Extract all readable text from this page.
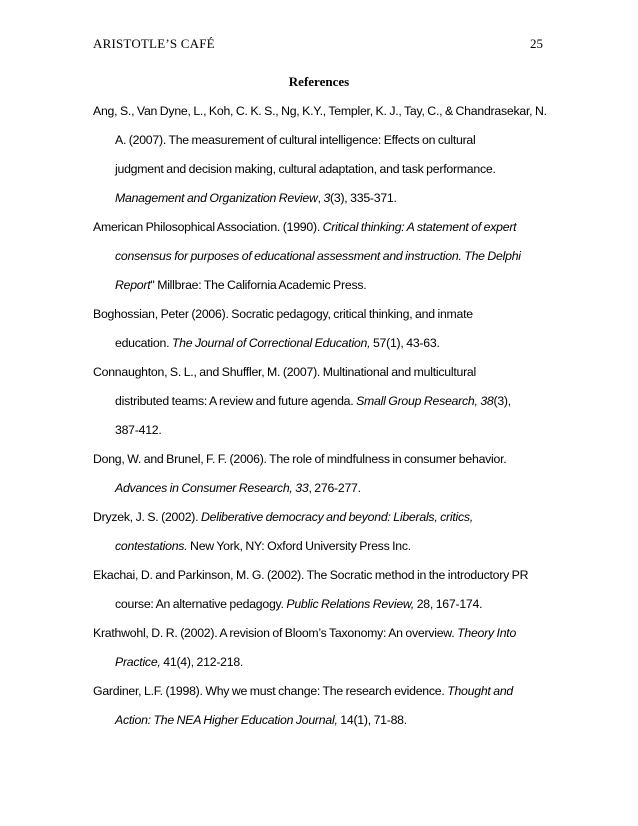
ARISTOTLE’S CAFÉ	25
References
Ang, S., Van Dyne, L., Koh, C. K. S., Ng, K.Y., Templer, K. J., Tay, C., & Chandrasekar, N.
A. (2007). The measurement of cultural intelligence: Effects on cultural
judgment and decision making, cultural adaptation, and task performance.
Management and Organization Review, 3(3), 335-371.
American Philosophical Association. (1990). Critical thinking: A statement of expert
consensus for purposes of educational assessment and instruction. The Delphi
Report" Millbrae: The California Academic Press.
Boghossian, Peter (2006). Socratic pedagogy, critical thinking, and inmate
education. The Journal of Correctional Education, 57(1), 43-63.
Connaughton, S. L., and Shuffler, M. (2007). Multinational and multicultural
distributed teams: A review and future agenda. Small Group Research, 38(3),
387-412.
Dong, W. and Brunel, F. F. (2006). The role of mindfulness in consumer behavior.
Advances in Consumer Research, 33, 276-277.
Dryzek, J. S. (2002). Deliberative democracy and beyond: Liberals, critics,
contestations. New York, NY: Oxford University Press Inc.
Ekachai, D. and Parkinson, M. G. (2002). The Socratic method in the introductory PR
course: An alternative pedagogy. Public Relations Review, 28, 167-174.
Krathwohl, D. R. (2002). A revision of Bloom’s Taxonomy: An overview. Theory Into
Practice, 41(4), 212-218.
Gardiner, L.F. (1998). Why we must change: The research evidence. Thought and
Action: The NEA Higher Education Journal, 14(1), 71-88.
